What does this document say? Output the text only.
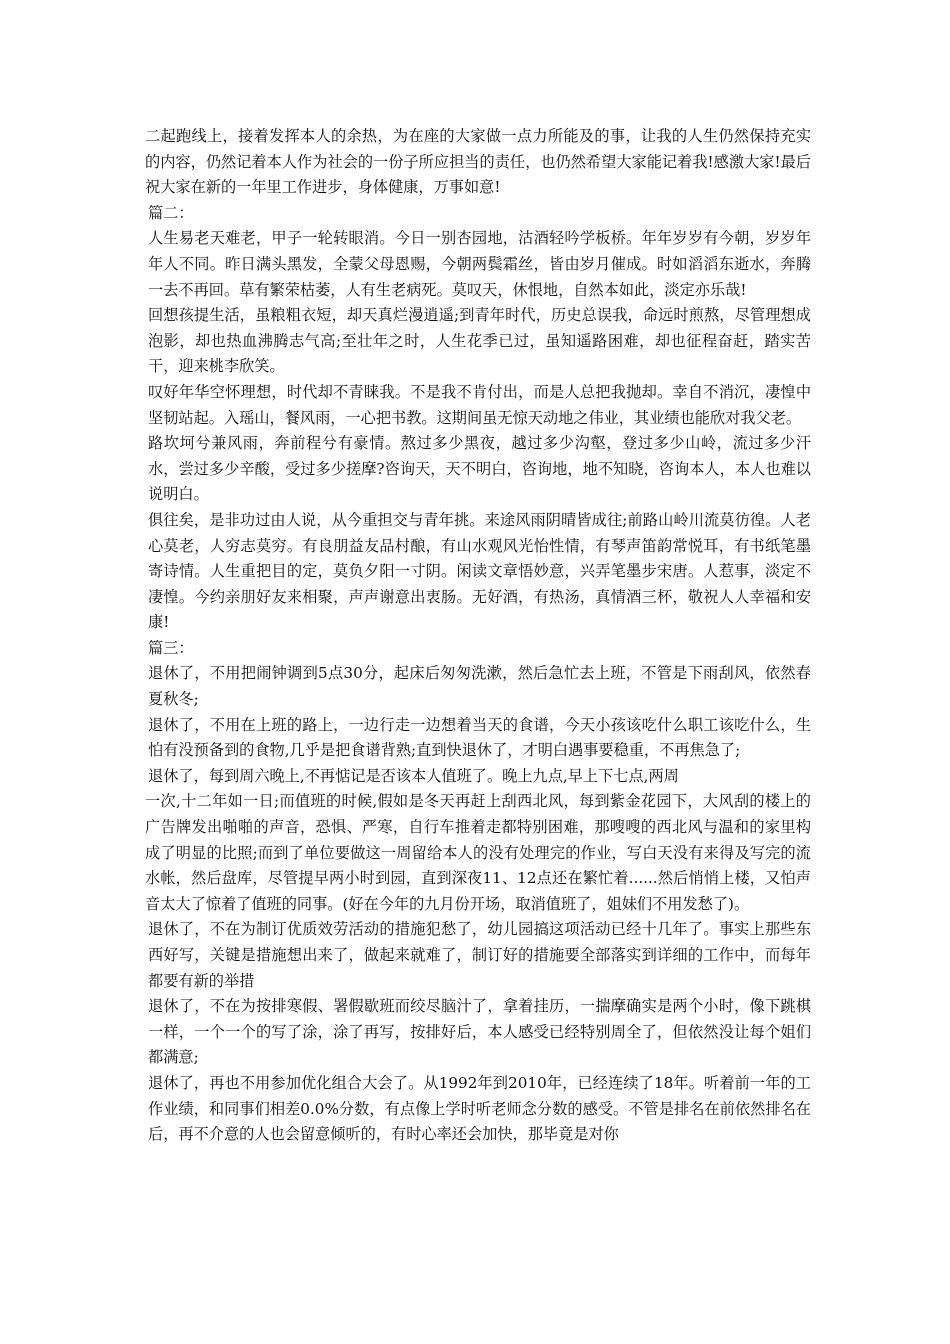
二起跑线上，接着发挥本人的余热，为在座的大家做一点力所能及的事，让我的人生仍然保持充实的内容，仍然记着本人作为社会的一份子所应担当的责任，也仍然希望大家能记着我!感激大家!最后祝大家在新的一年里工作进步，身体健康，万事如意!

篇二：

人生易老天难老，甲子一轮转眼消。今日一别杏园地，沽酒轻吟学板桥。年年岁岁有今朝，岁岁年年人不同。昨日满头黑发，全蒙父母恩赐，今朝两鬓霜丝，皆由岁月催成。时如滔滔东逝水，奔腾一去不再回。草有繁荣枯萎，人有生老病死。莫叹天，休恨地，自然本如此，淡定亦乐哉!

回想孩提生活，虽粮粗衣短，却天真烂漫逍遥;到青年时代，历史总误我，命远时煎熬，尽管理想成泡影，却也热血沸腾志气高;至壮年之时，人生花季已过，虽知遥路困难，却也征程奋赶，踏实苦干，迎来桃李欣笑。

叹好年华空怀理想，时代却不青睐我。不是我不肯付出，而是人总把我抛却。幸自不消沉，凄惶中坚韧站起。入瑶山，餐风雨，一心把书教。这期间虽无惊天动地之伟业，其业绩也能欣对我父老。

路坎坷兮兼风雨，奔前程兮有豪情。熬过多少黑夜，越过多少沟壑，登过多少山岭，流过多少汗水，尝过多少辛酸，受过多少搓摩?咨询天，天不明白，咨询地，地不知晓，咨询本人，本人也难以说明白。

俱往矣，是非功过由人说，从今重担交与青年挑。来途风雨阴晴皆成往;前路山岭川流莫彷徨。人老心莫老，人穷志莫穷。有良朋益友品村酿，有山水观风光怡性情，有琴声笛韵常悦耳，有书纸笔墨寄诗情。人生重把目的定，莫负夕阳一寸阴。闲读文章悟妙意，兴弄笔墨步宋唐。人惹事，淡定不凄惶。今约亲朋好友来相聚，声声谢意出衷肠。无好酒，有热汤，真情酒三杯，敬祝人人幸福和安康!

篇三：

退休了，不用把闹钟调到5点30分，起床后匆匆洗漱，然后急忙去上班，不管是下雨刮风，依然春夏秋冬;

退休了，不用在上班的路上，一边行走一边想着当天的食谱，今天小孩该吃什么职工该吃什么，生怕有没预备到的食物,几乎是把食谱背熟;直到快退休了，才明白遇事要稳重，不再焦急了;

退休了，每到周六晚上,不再惦记是否该本人值班了。晚上九点,早上下七点,两周

一次,十二年如一日;而值班的时候,假如是冬天再赶上刮西北风，每到紫金花园下，大风刮的楼上的广告牌发出啪啪的声音，恐惧、严寒，自行车推着走都特别困难，那嗖嗖的西北风与温和的家里构成了明显的比照;而到了单位要做这一周留给本人的没有处理完的作业，写白天没有来得及写完的流水帐，然后盘库，尽管提早两小时到园，直到深夜11、12点还在繁忙着......然后悄悄上楼，又怕声音太大了惊着了值班的同事。(好在今年的九月份开场，取消值班了，姐妹们不用发愁了)。

退休了，不在为制订优质效劳活动的措施犯愁了，幼儿园搞这项活动已经十几年了。事实上那些东西好写，关键是措施想出来了，做起来就难了，制订好的措施要全部落实到详细的工作中，而每年都要有新的举措

退休了，不在为按排寒假、署假歇班而绞尽脑汁了，拿着挂历，一揣摩确实是两个小时，像下跳棋一样，一个一个的写了涂，涂了再写，按排好后，本人感受已经特别周全了，但依然没让每个姐们都满意;

退休了，再也不用参加优化组合大会了。从1992年到2010年，已经连续了18年。听着前一年的工作业绩，和同事们相差0.0%分数，有点像上学时听老师念分数的感受。不管是排名在前依然排名在后，再不介意的人也会留意倾听的，有时心率还会加快，那毕竟是对你
